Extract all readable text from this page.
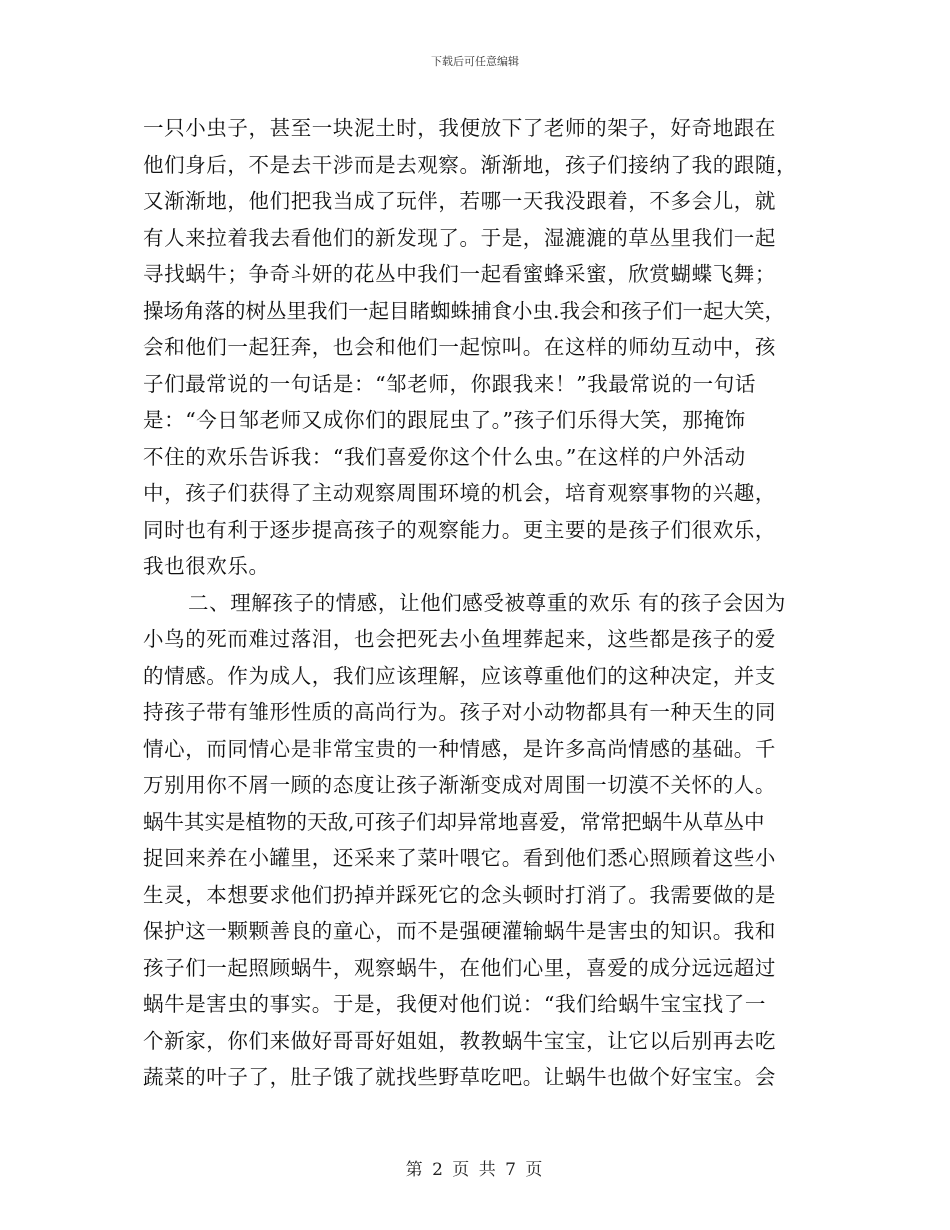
下载后可任意编辑
一只小虫子，甚至一块泥土时，我便放下了老师的架子，好奇地跟在
他们身后，不是去干涉而是去观察。渐渐地，孩子们接纳了我的跟随，
又渐渐地，他们把我当成了玩伴，若哪一天我没跟着，不多会儿，就
有人来拉着我去看他们的新发现了。于是，湿漉漉的草丛里我们一起
寻找蜗牛；争奇斗妍的花丛中我们一起看蜜蜂采蜜，欣赏蝴蝶飞舞；
操场角落的树丛里我们一起目睹蜘蛛捕食小虫.我会和孩子们一起大笑，
会和他们一起狂奔，也会和他们一起惊叫。在这样的师幼互动中，孩
子们最常说的一句话是：“邹老师，你跟我来！”我最常说的一句话
是：“今日邹老师又成你们的跟屁虫了。”孩子们乐得大笑，那掩饰
不住的欢乐告诉我：“我们喜爱你这个什么虫。”在这样的户外活动
中，孩子们获得了主动观察周围环境的机会，培育观察事物的兴趣，
同时也有利于逐步提高孩子的观察能力。更主要的是孩子们很欢乐，
我也很欢乐。
二、理解孩子的情感，让他们感受被尊重的欢乐 有的孩子会因为
小鸟的死而难过落泪，也会把死去小鱼埋葬起来，这些都是孩子的爱
的情感。作为成人，我们应该理解，应该尊重他们的这种决定，并支
持孩子带有雏形性质的高尚行为。孩子对小动物都具有一种天生的同
情心，而同情心是非常宝贵的一种情感，是许多高尚情感的基础。千
万别用你不屑一顾的态度让孩子渐渐变成对周围一切漠不关怀的人。
蜗牛其实是植物的天敌,可孩子们却异常地喜爱，常常把蜗牛从草丛中
捉回来养在小罐里，还采来了菜叶喂它。看到他们悉心照顾着这些小
生灵，本想要求他们扔掉并踩死它的念头顿时打消了。我需要做的是
保护这一颗颗善良的童心，而不是强硬灌输蜗牛是害虫的知识。我和
孩子们一起照顾蜗牛，观察蜗牛，在他们心里，喜爱的成分远远超过
蜗牛是害虫的事实。于是，我便对他们说：“我们给蜗牛宝宝找了一
个新家，你们来做好哥哥好姐姐，教教蜗牛宝宝，让它以后别再去吃
蔬菜的叶子了，肚子饿了就找些野草吃吧。让蜗牛也做个好宝宝。会
第 2 页 共 7 页
